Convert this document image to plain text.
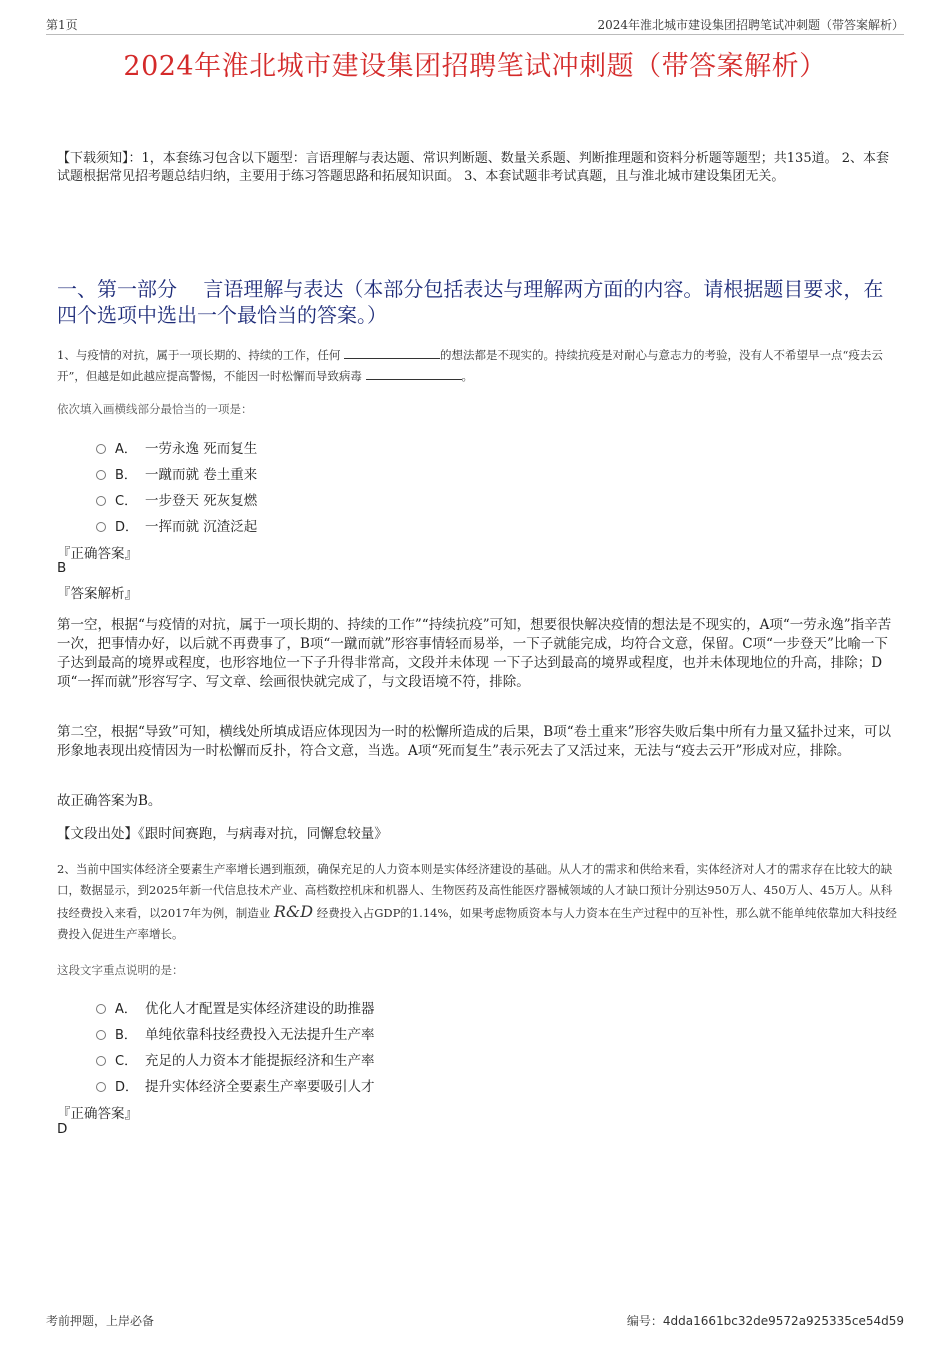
第1页	2024年淮北城市建设集团招聘笔试冲刺题（带答案解析）
2024年淮北城市建设集团招聘笔试冲刺题（带答案解析）
【下载须知】：1，本套练习包含以下题型：言语理解与表达题、常识判断题、数量关系题、判断推理题和资料分析题等题型；共135道。 2、本套试题根据常见招考题总结归纳，主要用于练习答题思路和拓展知识面。 3、本套试题非考试真题，且与淮北城市建设集团无关。
一、第一部分　 言语理解与表达（本部分包括表达与理解两方面的内容。请根据题目要求，在四个选项中选出一个最恰当的答案。）
1、与疫情的对抗，属于一项长期的、持续的工作，任何	的想法都是不现实的。持续抗疫是对耐心与意志力的考验，没有人不希望早一点“疫去云开”，但越是如此越应提高警惕，不能因一时松懈而导致病毒	。
依次填入画横线部分最恰当的一项是：
A． 一劳永逸 死而复生
B． 一蹴而就 卷土重来
C． 一步登天 死灰复燃
D． 一挥而就 沉渣泛起
『正确答案』
B
『答案解析』
第一空，根据“与疫情的对抗，属于一项长期的、持续的工作”“持续抗疫”可知，想要很快解决疫情的想法是不现实的，A项“一劳永逸”指辛苦一次，把事情办好，以后就不再费事了，B项“一蹴而就”形容事情轻而易举，一下子就能完成，均符合文意，保留。C项“一步登天”比喻一下子达到最高的境界或程度，也形容地位一下子升得非常高，文段并未体现 一下子达到最高的境界或程度，也并未体现地位的升高，排除；D项“一挥而就”形容写字、写文章、绘画很快就完成了，与文段语境不符，排除。
第二空，根据“导致”可知，横线处所填成语应体现因为一时的松懈所造成的后果，B项“卷土重来”形容失败后集中所有力量又猛扑过来，可以形象地表现出疫情因为一时松懈而反扑，符合文意，当选。A项“死而复生”表示死去了又活过来，无法与“疫去云开”形成对应，排除。
故正确答案为B。
【文段出处】《跟时间赛跑，与病毒对抗，同懈怠较量》
2、当前中国实体经济全要素生产率增长遇到瓶颈，确保充足的人力资本则是实体经济建设的基础。从人才的需求和供给来看，实体经济对人才的需求存在比较大的缺口，数据显示，到2025年新一代信息技术产业、高档数控机床和机器人、生物医药及高性能医疗器械领域的人才缺口预计分别达950万人、450万人、45万人。从科技经费投入来看，以2017年为例，制造业 R&D 经费投入占GDP的1.14%，如果考虑物质资本与人力资本在生产过程中的互补性，那么就不能单纯依靠加大科技经费投入促进生产率增长。
这段文字重点说明的是：
A． 优化人才配置是实体经济建设的助推器
B． 单纯依靠科技经费投入无法提升生产率
C． 充足的人力资本才能提振经济和生产率
D． 提升实体经济全要素生产率要吸引人才
『正确答案』
D
考前押题，上岸必备	编号：4dda1661bc32de9572a925335ce54d59
